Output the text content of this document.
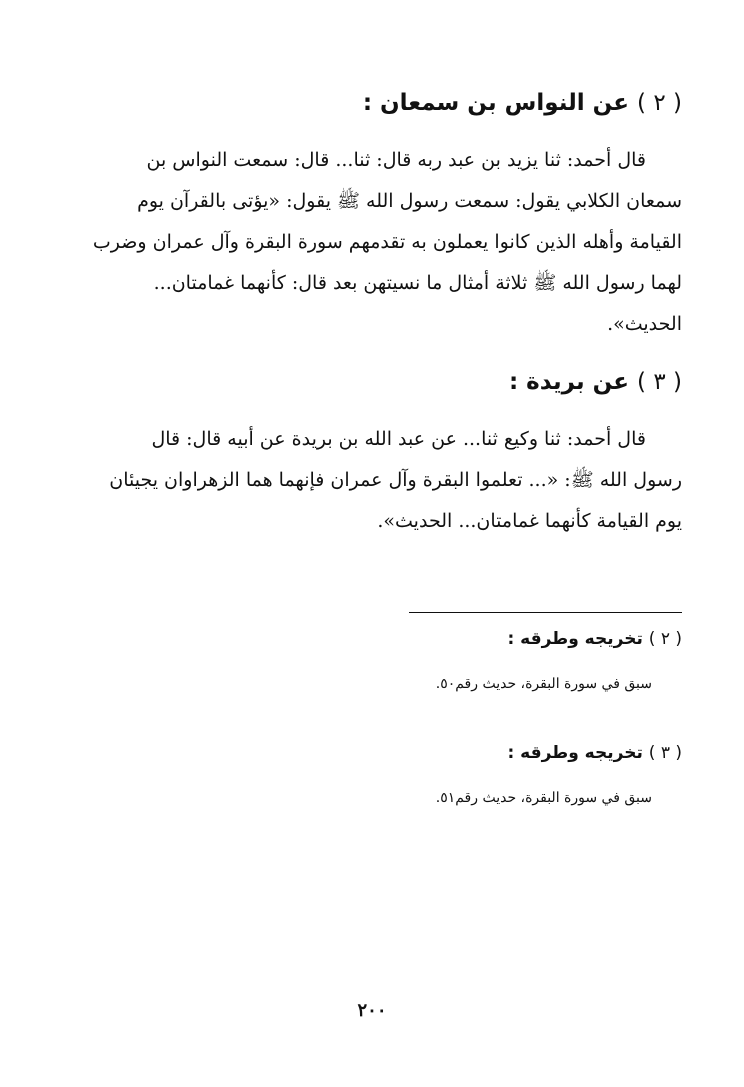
( ٢ ) عن النواس بن سمعان :
قال أحمد: ثنا يزيد بن عبد ربه قال: ثنا... قال: سمعت النواس بن
سمعان الكلابي يقول: سمعت رسول الله ﷺ يقول: «يؤتى بالقرآن يوم
القيامة وأهله الذين كانوا يعملون به تقدمهم سورة البقرة وآل عمران وضرب
لهما رسول الله ﷺ ثلاثة أمثال ما نسيتهن بعد قال: كأنهما غمامتان...
الحديث».
( ٣ ) عن بريدة :
قال أحمد: ثنا وكيع ثنا... عن عبد الله بن بريدة عن أبيه قال: قال
رسول الله ﷺ: «... تعلموا البقرة وآل عمران فإنهما هما الزهراوان يجيئان
يوم القيامة كأنهما غمامتان... الحديث».
( ٢ ) تخريجه وطرقه :
سبق في سورة البقرة، حديث رقم٥٠.
( ٣ ) تخريجه وطرقه :
سبق في سورة البقرة، حديث رقم٥١.
٢٠٠
